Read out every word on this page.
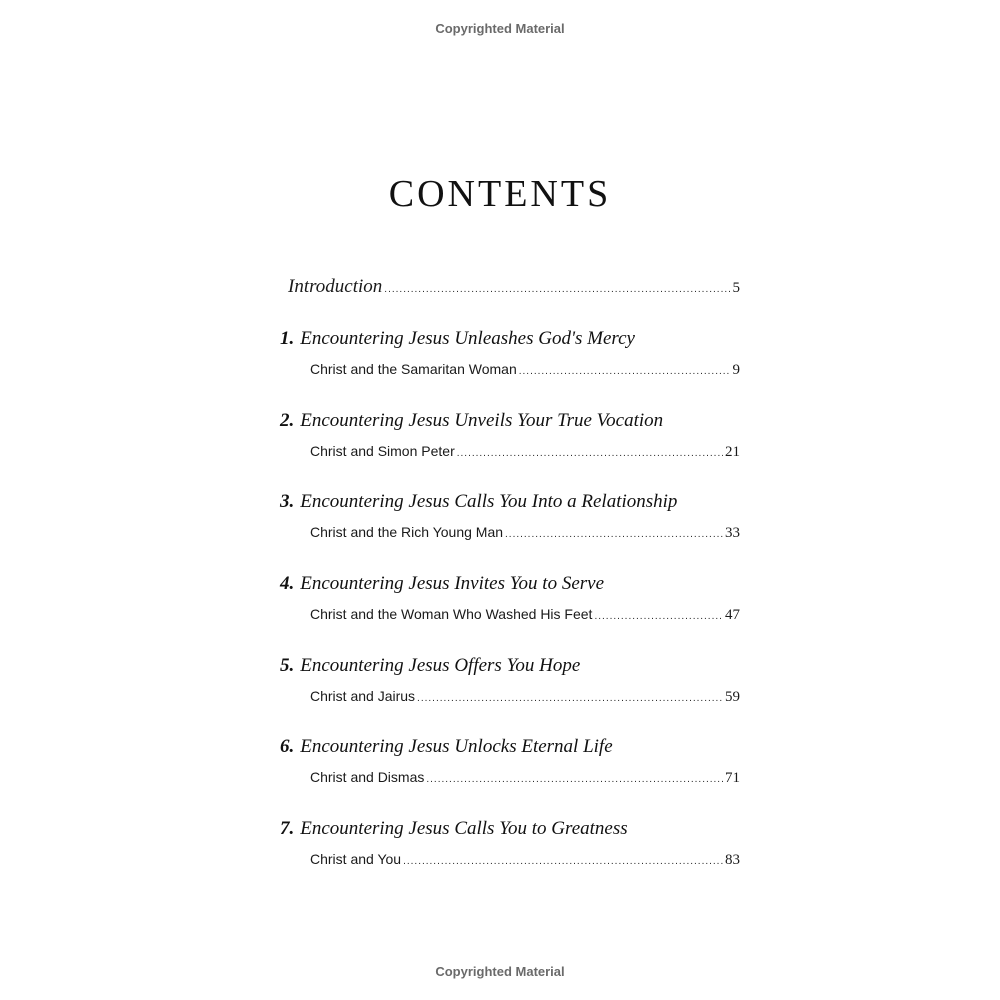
Copyrighted Material
CONTENTS
Introduction .....	5
1. Encountering Jesus Unleashes God's Mercy
Christ and the Samaritan Woman .....	9
2. Encountering Jesus Unveils Your True Vocation
Christ and Simon Peter .....	21
3. Encountering Jesus Calls You Into a Relationship
Christ and the Rich Young Man .....	33
4. Encountering Jesus Invites You to Serve
Christ and the Woman Who Washed His Feet .....	47
5. Encountering Jesus Offers You Hope
Christ and Jairus .....	59
6. Encountering Jesus Unlocks Eternal Life
Christ and Dismas .....	71
7. Encountering Jesus Calls You to Greatness
Christ and You .....	83
Copyrighted Material
